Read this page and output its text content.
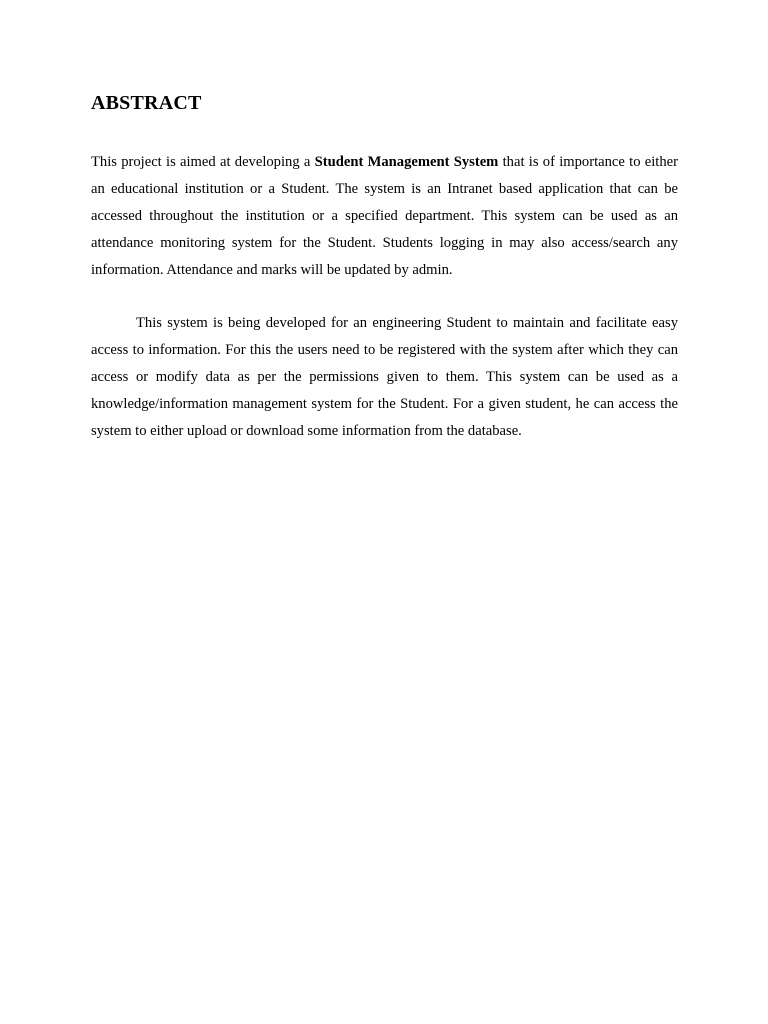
ABSTRACT

This project is aimed at developing a Student Management System that is of importance to either an educational institution or a Student. The system is an Intranet based application that can be accessed throughout the institution or a specified department. This system can be used as an attendance monitoring system for the Student. Students logging in may also access/search any information. Attendance and marks will be updated by admin.

This system is being developed for an engineering Student to maintain and facilitate easy access to information. For this the users need to be registered with the system after which they can access or modify data as per the permissions given to them. This system can be used as a knowledge/information management system for the Student. For a given student, he can access the system to either upload or download some information from the database.
